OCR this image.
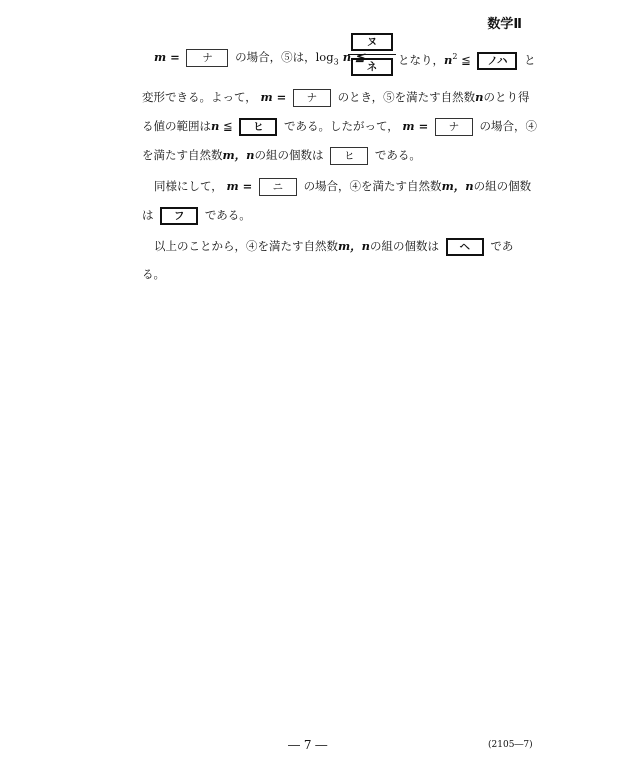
数学Ⅱ
ヌ
ネ
m = ナ の場合，⑤は，$\log_3 n$ ≦	となり，$n^2$ ≦ ノハ と
変形できる。よって， m = ナ のとき，⑤を満たす自然数nのとり得
る値の範囲はn ≦ ヒ である。したがって， m = ナ の場合，④
を満たす自然数m，nの組の個数は ヒ である。
同様にして， m = ニ の場合，④を満たす自然数m，nの組の個数
は フ である。
以上のことから，④を満たす自然数m，nの組の個数は ヘ であ
る。
― 7 ―	(2105―7)
